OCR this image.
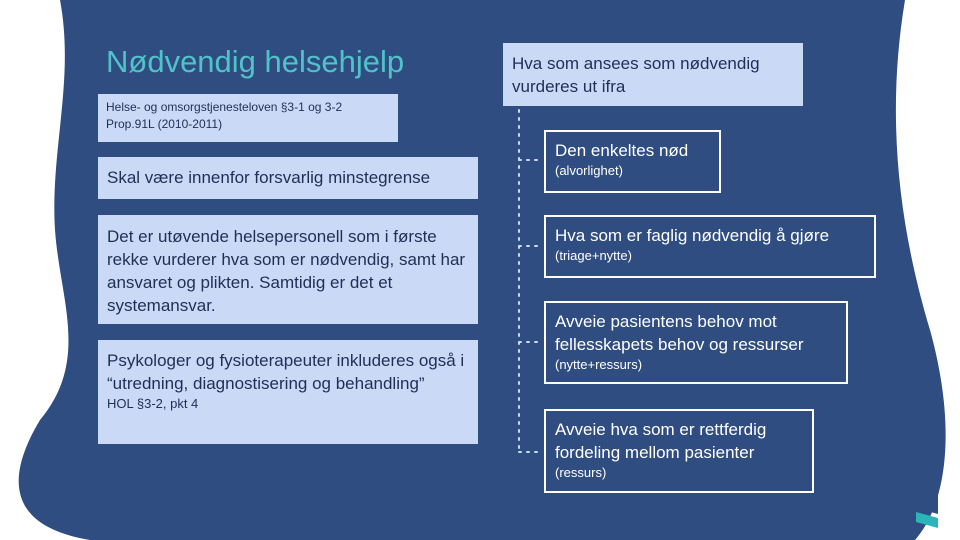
Nødvendig helsehjelp

Helse- og omsorgstjenesteloven §3-1 og 3-2

Prop.91L (2010-2011)

Skal være innenfor forsvarlig minstegrense

Det er utøvende helsepersonell som i første rekke vurderer hva som er nødvendig, samt har ansvaret og plikten. Samtidig er det et systemansvar.

Psykologer og fysioterapeuter inkluderes også i “utredning, diagnostisering og behandling”

HOL §3-2, pkt 4

Hva som ansees som nødvendig vurderes ut ifra
Den enkeltes nød
(alvorlighet)
Hva som er faglig nødvendig å gjøre
(triage+nytte)
Avveie pasientens behov mot fellesskapets behov og ressurser
(nytte+ressurs)
Avveie hva som er rettferdig fordeling mellom pasienter
(ressurs)
